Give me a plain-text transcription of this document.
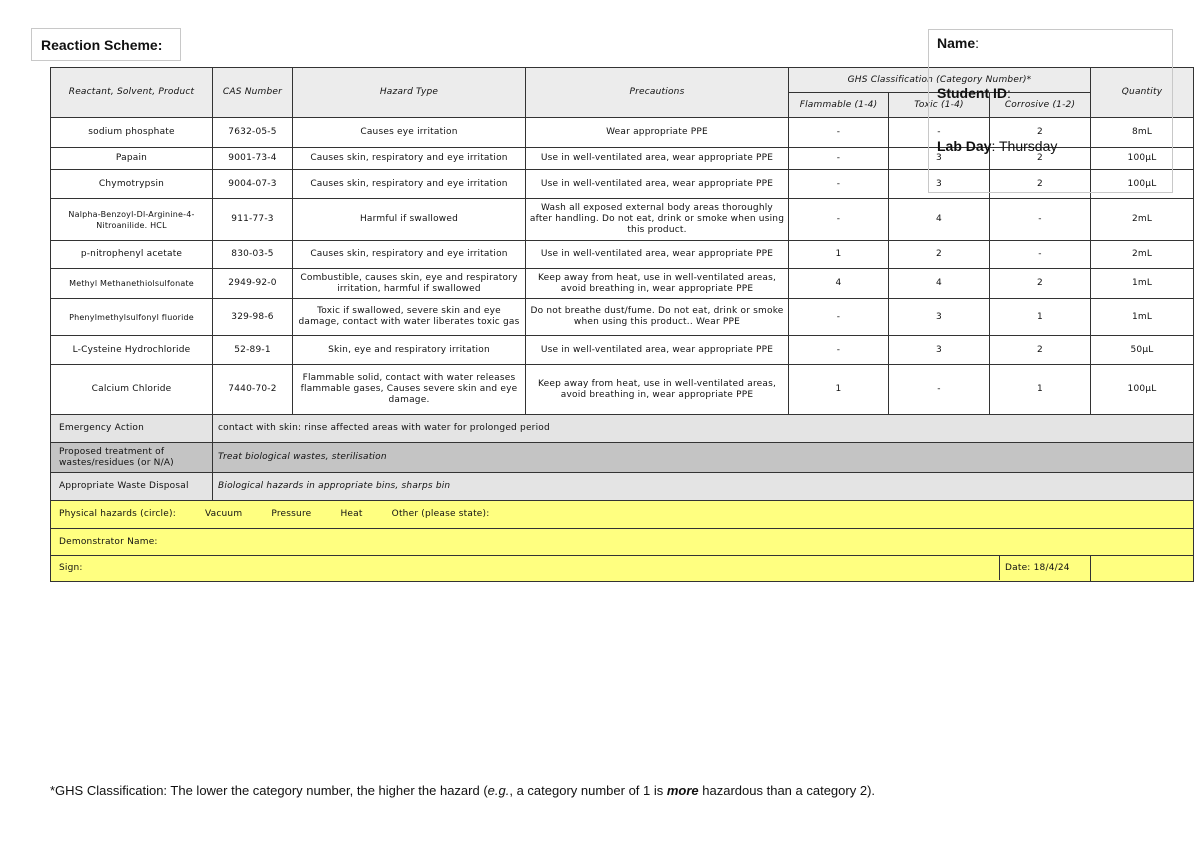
Reaction Scheme:
Reactant, Solvent, Product	CAS Number	Hazard Type	Precautions	GHS Classification (Category Number)*			Quantity
				Flammable (1-4)	Toxic (1-4)	Corrosive (1-2)	
sodium phosphate	7632-05-5	Causes eye irritation	Wear appropriate PPE	-	-	2	8mL
Papain	9001-73-4	Causes skin, respiratory and eye irritation	Use in well-ventilated area, wear appropriate PPE	-	3	2	100μL
Chymotrypsin	9004-07-3	Causes skin, respiratory and eye irritation	Use in well-ventilated area, wear appropriate PPE	-	3	2	100μL
Nalpha-Benzoyl-Dl-Arginine-4-Nitroanilide. HCL	911-77-3	Harmful if swallowed	Wash all exposed external body areas thoroughly after handling. Do not eat, drink or smoke when using this product.	-	4	-	2mL
p-nitrophenyl acetate	830-03-5	Causes skin, respiratory and eye irritation	Use in well-ventilated area, wear appropriate PPE	1	2	-	2mL
Methyl Methanethiolsulfonate	2949-92-0	Combustible, causes skin, eye and respiratory irritation, harmful if swallowed	Keep away from heat, use in well-ventilated areas, avoid breathing in, wear appropriate PPE	4	4	2	1mL
Phenylmethylsulfonyl fluoride	329-98-6	Toxic if swallowed, severe skin and eye damage, contact with water liberates toxic gas	Do not breathe dust/fume. Do not eat, drink or smoke when using this product.. Wear PPE	-	3	1	1mL
L-Cysteine Hydrochloride	52-89-1	Skin, eye and respiratory irritation	Use in well-ventilated area, wear appropriate PPE	-	3	2	50μL
Calcium Chloride	7440-70-2	Flammable solid, contact with water releases flammable gases, Causes severe skin and eye damage.	Keep away from heat, use in well-ventilated areas, avoid breathing in, wear appropriate PPE	1	-	1	100μL
Emergency Action	contact with skin: rinse affected areas with water for prolonged period						
Proposed treatment of wastes/residues (or N/A)	Treat biological wastes, sterilisation						
Appropriate Waste Disposal	Biological hazards in appropriate bins, sharps bin						
Physical hazards (circle): Vacuum Pressure Heat Other (please state):							
Demonstrator Name:							
Sign:							Date: 18/4/24
Name:
Student ID:
Lab Day: Thursday
*GHS Classification: The lower the category number, the higher the hazard (e.g., a category number of 1 is more hazardous than a category 2).
